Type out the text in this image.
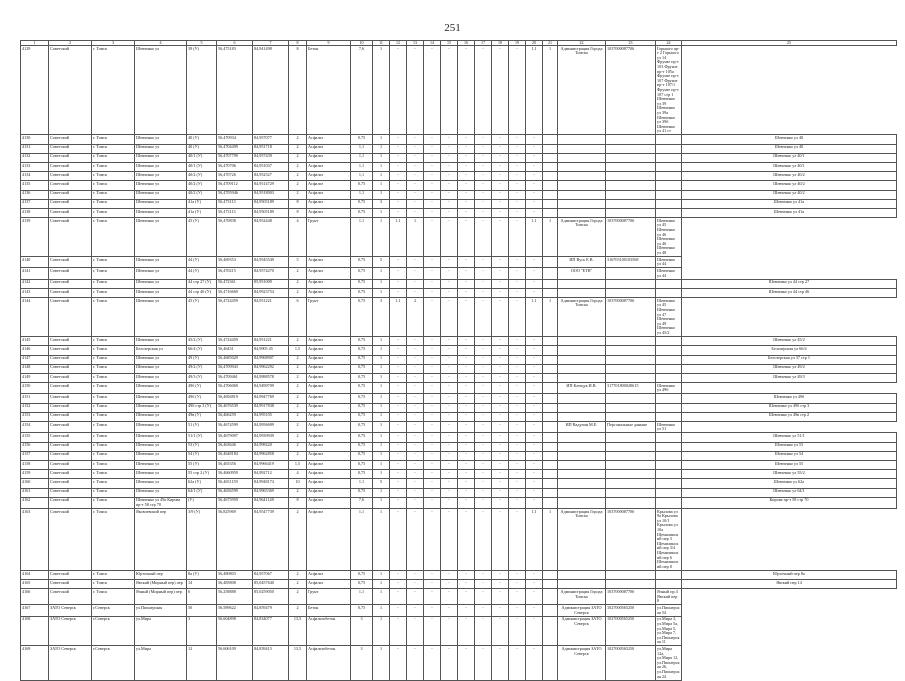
251
1	2	3	4	5	6	7	8	9	10	11	12	13	14	15	16	17	18	19	20	21	22	23	24	25
4129	Советский	г. Томск	Шевченко ул	39 (У)	56,475183	84,941498	8	Бетон	7,6	1	-	-	-	-	-	-	-	-	1,1	1	Администрация Города Томска	1037000087706	Горького пр-т 2 Горького ул 14 Фрунзе пр-т 103 Фрунзе пр-т 105а Фрунзе пр-т 107 Фрунзе пр-т 107/1 Фрунзе пр-т 107 стр 1 Шевченко ул 39 Шевченко ул 39а Шевченко ул 39б Шевченко ул 41 ст	
4130	Советский	г. Томск	Шевченко ул	40 (У)	56,470934	84,957077	2	Асфальт	0,75	1	-	-	-	-	-	-	-	-	-					Шевченко ул 40
4131	Советский	г. Томск	Шевченко ул	40 (У)	56,4704499	84,951718	2	Асфальт	1,1	1	-	-	-	-	-	-	-	-	-					Шевченко ул 40
4132	Советский	г. Томск	Шевченко ул	40/1 (У)	56,4707799	84,957439	2	Асфальт	1,1	1	-	-	-	-	-	-	-	-	-					Шевченко ул 40/1
4133	Советский	г. Томск	Шевченко ул	40/1 (У)	56,470706	84,951037	2	Асфальт	1,1	1	-	-	-	-	-	-	-	-	-					Шевченко ул 40/1
4134	Советский	г. Томск	Шевченко ул	40/2 (У)	56,470726	84,952527	2	Асфальт	1,1	1	-	-	-	-	-	-	-	-	-					Шевченко ул 40/2
4135	Советский	г. Томск	Шевченко ул	40/2 (У)	56,4709112	84,9514729	2	Асфальт	0,75	1	-	-	-	-	-	-	-	-	-					Шевченко ул 40/2
4136	Советский	г. Томск	Шевченко ул	40/2 (У)	56,4705946	84,9518003	2	Асфальт	1,1	1	-	-	-	-	-	-	-	-	-					Шевченко ул 40/2
4137	Советский	г. Томск	Шевченко ул	41а (У)	56,473113	84,9505189	8	Асфальт	0,75	3	-	-	-	-	-	-	-	-	-					Шевченко ул 41а
4138	Советский	г. Томск	Шевченко ул	41а (У)	56,473113	84,9505189	8	Асфальт	0,75	1	-	-	-	-	-	-	-	-	-					Шевченко ул 41а
4139	Советский	г. Томск	Шевченко ул	45 (У)	56,470838	84,952448	4	Грунт	1,1	1	1,1	1	-	-	-	-	-	-	1,1	1	Администрация Города Томска	1037000087706	Шевченко ул 45 Шевченко ул 46 Шевченко ул 46 Шевченко ул 48	
4140	Советский	г. Томск	Шевченко ул	44 (У)	56,469353	84,9545549	5	Асфальт	0,75	5	-	-	-	-	-	-	-	-	-		ИП Вусь Е.В.	316703100103568	Шевченко ул 44	
4141	Советский	г. Томск	Шевченко ул	44 (У)	56,470215	84,9574270	2	Асфальт	0,75	1	-	-	-	-	-	-	-	-	-		ООО "ЕТВ"		Шевченко ул 44	
4142	Советский	г. Томск	Шевченко ул	44 стр 27 (У)	56,472361	85,951009	2	Асфальт	0,75	1	-	-	-	-	-	-	-	-	-					Шевченко ул 44 стр 27
4143	Советский	г. Томск	Шевченко ул	44 стр 46 (У)	56,4716669	84,9923754	2	Асфальт	0,75	1	-	-	-	-	-	-	-	-	-					Шевченко ул 44 стр 46
4144	Советский	г. Томск	Шевченко ул	45 (У)	56,4724459	84,951221	6	Грунт	0,75	3	1,1	2	-	-	-	-	-	-	1,1	1	Администрация Города Томска	1037000087706	Шевченко ул 45 Шевченко ул 47 Шевченко ул 49 Шевченко ул 45/2	
4145	Советский	г. Томск	Шевченко ул	45/2 (У)	56,4724459	84,951221	2	Асфальт	0,75	1	-	-	-	-	-	-	-	-	-					Шевченко ул 45/2
4146	Советский	г. Томск	Белозерская ул	66/4 (У)	56,46431	84,9905 45	1,5	Асфальт	0,75	1	-	-	-	-	-	-	-	-	-					Белозерская ул 66/4
4147	Советский	г. Томск	Шевченко ул	49 (У)	56,4685029	84,9968907	2	Асфальт	0,75	1	-	-	-	-	-	-	-	-	-					Белозерская ул 37 стр 1
4148	Советский	г. Томск	Шевченко ул	49/2 (У)	56,4709943	84,9962292	2	Асфальт	0,75	1	-	-	-	-	-	-	-	-	-					Шевченко ул 49/2
4149	Советский	г. Томск	Шевченко ул	49/3 (У)	56,4709461	84,9988578	2	Асфальт	0,75	1	-	-	-	-	-	-	-	-	-					Шевченко ул 49/3
4150	Советский	г. Томск	Шевченко ул	49б (У)	56,4706069	84,9499709	2	Асфальт	0,75	1	-	-	-	-	-	-	-	-	-		ИП Клещук И.В.	317701800028615	Шевченко ул 49б	
4151	Советский	г. Томск	Шевченко ул	49б (У)	56,4694819	84,9947769	2	Асфальт	0,75	1	-	-	-	-	-	-	-	-	-					Шевченко ул 49б
4152	Советский	г. Томск	Шевченко ул	49б стр 3 (У)	56,4676539	84,9917838	2	Асфальт	0,75	1	-	-	-	-	-	-	-	-	-					Шевченко ул 49б стр 3
4153	Советский	г. Томск	Шевченко ул	49в (У)	56,466259	84,995105	2	Асфальт	0,75	1	-	-	-	-	-	-	-	-	-					Шевченко ул 49в стр 2
4154	Советский	г. Томск	Шевченко ул	51 (У)	56,4674599	84,9956699	2	Асфальт	0,75	1	-	-	-	-	-	-	-	-	-		ИП Вадулин М.Е.	Персональные данные	Шевченко ул 51	
4155	Советский	г. Томск	Шевченко ул	51/1 (У)	56,4679097	84,9939939	2	Асфальт	0,75	1	-	-	-	-	-	-	-	-	-					Шевченко ул 51/1
4156	Советский	г. Томск	Шевченко ул	53 (У)	56,463646	84,998420	2	Асфальт	0,75	1	-	-	-	-	-	-	-	-	-					Шевченко ул 53
4157	Советский	г. Томск	Шевченко ул	54 (У)	56,4648184	84,9962858	2	Асфальт	0,75	1	-	-	-	-	-	-	-	-	-					Шевченко ул 54
4158	Советский	г. Томск	Шевченко ул	55 (У)	56,465356	84,9966419	1,5	Асфальт	0,75	1	-	-	-	-	-	-	-	-	-					Шевченко ул 55
4159	Советский	г. Томск	Шевченко ул	55 стр 2 (У)	56,4660959	84,992712	4	Асфальт	0,75	1	-	-	-	-	-	-	-	-	-					Шевченко ул 55/2
4160	Советский	г. Томск	Шевченко ул	62а (У)	56,4651159	84,9948174	10	Асфальт	1,1	5	-	-	-	-	-	-	-	-	-					Шевченко ул 62а
4161	Советский	г. Томск	Шевченко ул	64/1 (У)	56,4656599	84,9965369	2	Асфальт	0,75	1	-	-	-	-	-	-	-	-	-					Шевченко ул 64/1
4162	Советский	г. Томск	Шевченко ул 49а Кирова пр-т 58 стр 70	(У)	56,4675959	84,9641148	8	Асфальт	7,6	1	-	-	-	-	-	-	-	-	-					Кирова пр-т 58 стр 70
4163	Советский	г. Томск	Яковлевский пер	3/9 (У)	56,825969	84,9547739	2	Асфальт	1,1	1	-	-	-	-	-	-	-	-	1,1	1	Администрация Города Томска	1037000087706	Крылова ул 9а Крылова ул 10/1 Крылова ул 10а Щемилинский пер 3 Щемилинский пер 3/4 Щемилинский пер 6 Шемилинский пер 8	
4164	Советский	г. Томск	Юрточный пер	8а (У)	56,480803	84,957067	2	Асфальт	0,75	1	-	-	-	-	-	-	-	-	-					Юрточный пер 8а
4165	Советский	г. Томск	Явский (Мирный пер) пер	14	56,485808	85,0457640	2	Асфальт	0,75	1	-	-	-	-	-	-	-	-	-					Явский пер 14
4166	Советский	г. Томск	Ячный (Мирный пер) пер	6	56,258888	85,0259050	2	Грунт	1,1	1	-	-	-	-	-	-	-	-	-		Администрация Города Томска	1037000087706	Ячный пр 4 Явский пер 8	
4167	ЗАТО Северск	г.Северск	ул.Пионерская	50	56,589622	84,859479	2	Бетон	0,75	1	-	-	-	-	-	-	-	-	-		Администрация ЗАТО Северск	1027000565250	ул.Пионерская 54	
4168	ЗАТО Северск	г.Северск	ул.Мира	3	56,604898	84,834077	13,5	Асфальтобетон	3	1	-	-	-	-	-	-	-	-	-		Администрация ЗАТО Северск	1027000565250	ул.Мира 3, ул.Мира 5а, ул.Мира 5, ул.Мира 7, ул.Пионерская 11	
4169	ЗАТО Северск	г.Северск	ул.Мира	12	56,606109	84,839415	13,5	Асфальтобетон	3	1	-	-	-	-	-	-	-	-	-		Администрация ЗАТО Северск	1027000565250	ул.Мира 12а, ул.Мира 12, ул.Пионерская 26, ул.Пионерская 24	
